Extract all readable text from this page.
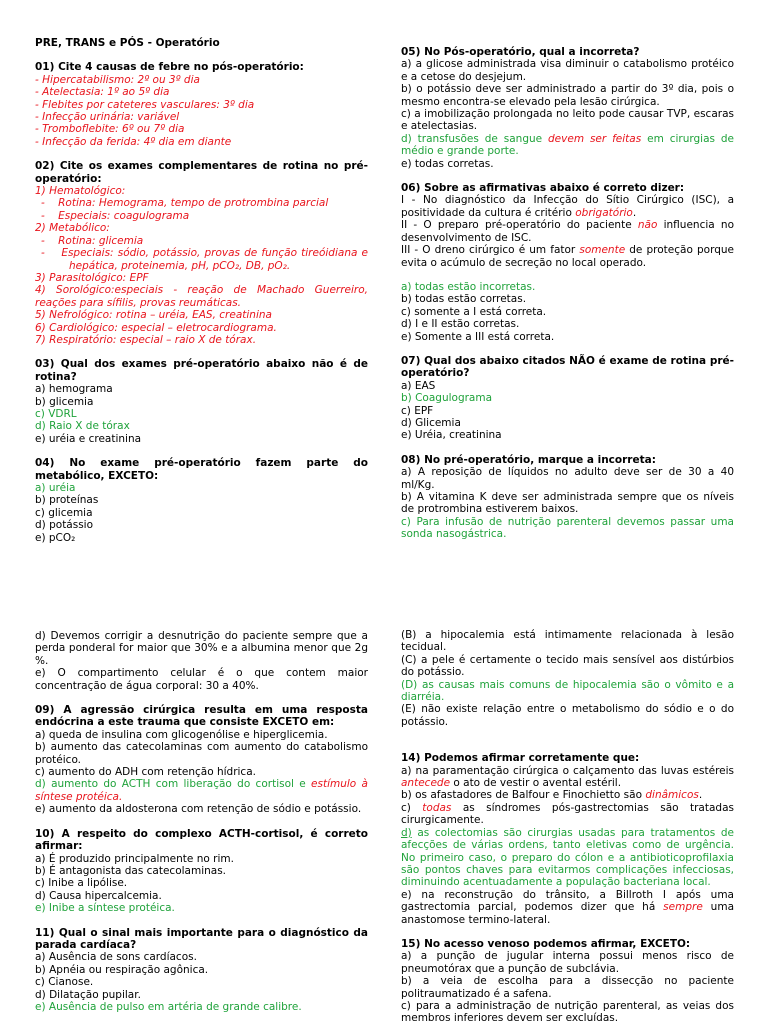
PRE, TRANS e PÓS - Operatório

01) Cite 4 causas de febre no pós-operatório:

- Hipercatabilismo: 2º ou 3º dia

- Atelectasia: 1º ao 5º dia

- Flebites por cateteres vasculares: 3º dia

- Infecção urinária: variável

- Tromboflebite: 6º ou 7º dia

- Infecção da ferida: 4º dia em diante

02) Cite os exames complementares de rotina no pré-operatório:

1) Hematológico:

-    Rotina: Hemograma, tempo de protrombina parcial

-    Especiais: coagulograma

2) Metabólico:

-    Rotina: glicemia

-    Especiais: sódio, potássio, provas de função tireóidiana e hepática, proteinemia, pH, pCO₂, DB, pO₂.

3) Parasitológico: EPF

4) Sorológico:especiais - reação de Machado Guerreiro, reações para sífilis, provas reumáticas.

5) Nefrológico: rotina – uréia, EAS, creatinina

6) Cardiológico: especial – eletrocardiograma.

7) Respiratório: especial – raio X de tórax.

03) Qual dos exames pré-operatório abaixo não é de rotina?

a) hemograma

b) glicemia

c) VDRL

d) Raio X de tórax

e) uréia e creatinina

04) No exame pré-operatório fazem parte do metabólico, EXCETO:

a) uréia

b) proteínas

c) glicemia

d) potássio

e) pCO₂

05) No Pós-operatório, qual a incorreta?

a) a glicose administrada visa diminuir o catabolismo protéico e a cetose do desjejum.

b) o potássio deve ser administrado a partir do 3º dia, pois o mesmo encontra-se elevado pela lesão cirúrgica.

c) a imobilização prolongada no leito pode causar TVP, escaras e atelectasias.

d) transfusões de sangue devem ser feitas em cirurgias de médio e grande porte.

e) todas corretas.

06) Sobre as afirmativas abaixo é correto dizer:

I - No diagnóstico da Infecção do Sítio Cirúrgico (ISC), a positividade da cultura é critério obrigatório.

II - O preparo pré-operatório do paciente não influencia no desenvolvimento de ISC.

III - O dreno cirúrgico é um fator somente de proteção porque evita o acúmulo de secreção no local operado.

a) todas estão incorretas.

b) todas estão corretas.

c) somente a I está correta.

d) I e II estão corretas.

e) Somente a III está correta.

07) Qual dos abaixo citados NÃO é exame de rotina pré-operatório?

a) EAS

b) Coagulograma

c) EPF

d) Glicemia

e) Uréia, creatinina

08) No pré-operatório, marque a incorreta:

a) A reposição de líquidos no adulto deve ser de 30 a 40 ml/Kg.

b) A vitamina K deve ser administrada sempre que os níveis de protrombina estiverem baixos.

c) Para infusão de nutrição parenteral devemos passar uma sonda nasogástrica.

d) Devemos corrigir a desnutrição do paciente sempre que a perda ponderal for maior que 30% e a albumina menor que 2g %.

e) O compartimento celular é o que contem maior concentração de água corporal: 30 a 40%.

09) A agressão cirúrgica resulta em uma resposta endócrina a este trauma que consiste EXCETO em:

a) queda de insulina com glicogenólise e hiperglicemia.

b) aumento das catecolaminas com aumento do catabolismo protéico.

c) aumento do ADH com retenção hídrica.

d) aumento do ACTH com liberação do cortisol e estímulo à síntese protéica.

e) aumento da aldosterona com retenção de sódio e potássio.

10) A respeito do complexo ACTH-cortisol, é correto afirmar:

a) É produzido principalmente no rim.

b) É antagonista das catecolaminas.

c) Inibe a lipólise.

d) Causa hipercalcemia.

e) Inibe a síntese protéica.

11) Qual o sinal mais importante para o diagnóstico da parada cardíaca?

a) Ausência de sons cardíacos.

b) Apnéia ou respiração agônica.

c) Cianose.

d) Dilatação pupilar.

e) Ausência de pulso em artéria de grande calibre.

(B) a hipocalemia está intimamente relacionada à lesão tecidual.

(C) a pele é certamente o tecido mais sensível aos distúrbios do potássio.

(D) as causas mais comuns de hipocalemia são o vômito e a diarréia.

(E) não existe relação entre o metabolismo do sódio e o do potássio.

14) Podemos afirmar corretamente que:

a) na paramentação cirúrgica o calçamento das luvas estéreis antecede o ato de vestir o avental estéril.

b) os afastadores de Balfour e Finochietto são dinâmicos.

c) todas as síndromes pós-gastrectomias são tratadas cirurgicamente.

d) as colectomias são cirurgias usadas para tratamentos de afecções de várias ordens, tanto eletivas como de urgência. No primeiro caso, o preparo do cólon e a antibioticoprofilaxia são pontos chaves para evitarmos complicações infecciosas, diminuindo acentuadamente a população bacteriana local.

e) na reconstrução do trânsito, a Billroth I após uma gastrectomia parcial, podemos dizer que há sempre uma anastomose termino-lateral.

15) No acesso venoso podemos afirmar, EXCETO:

a) a punção de jugular interna possui menos risco de pneumotórax que a punção de subclávia.

b) a veia de escolha para a dissecção no paciente politraumatizado é a safena.

c) para a administração de nutrição parenteral, as veias dos membros inferiores devem ser excluídas.
